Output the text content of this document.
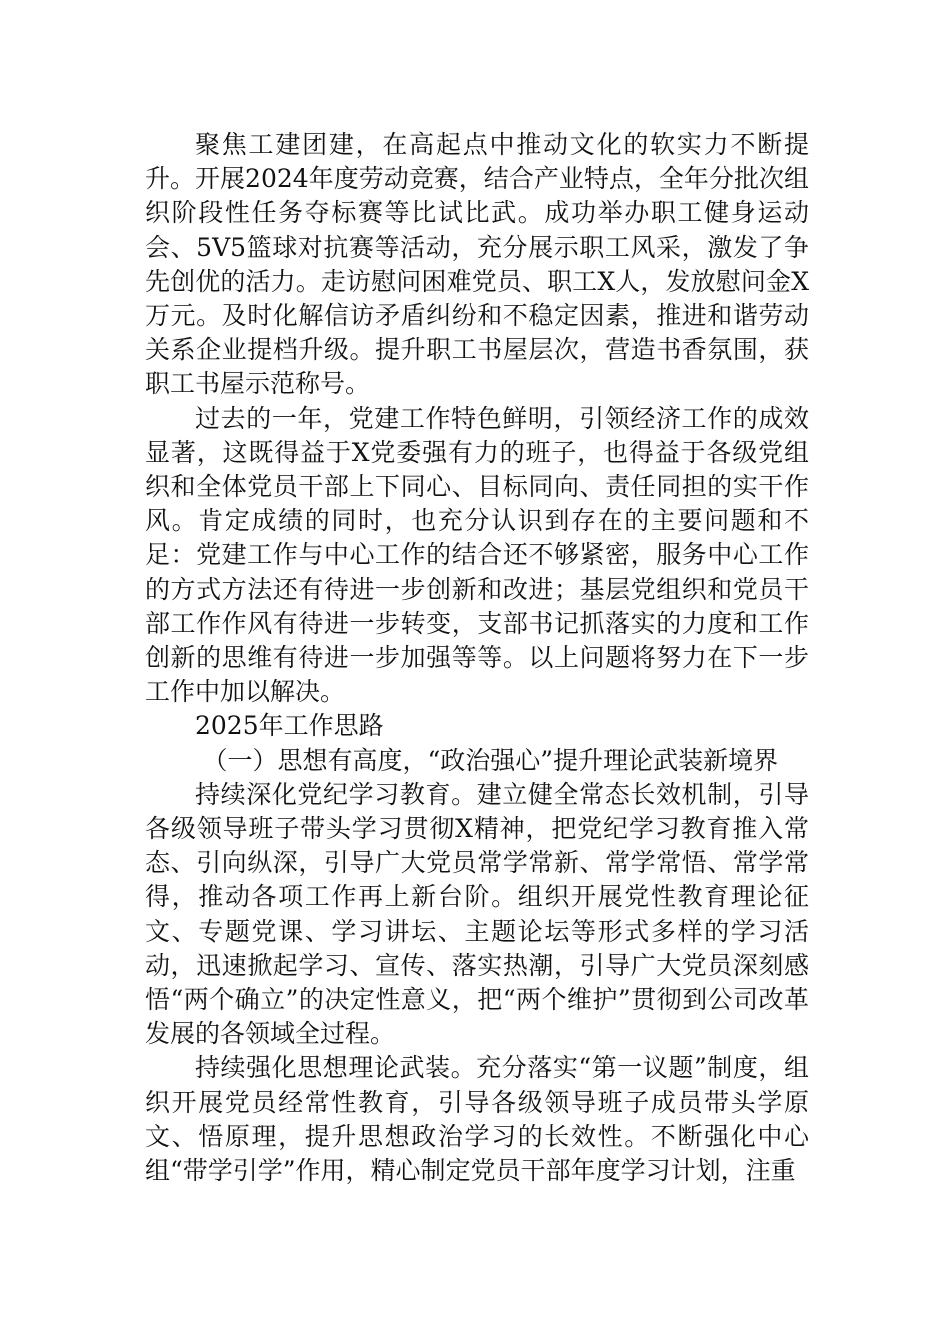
聚焦工建团建，在高起点中推动文化的软实力不断提升。开展2024年度劳动竞赛，结合产业特点，全年分批次组织阶段性任务夺标赛等比试比武。成功举办职工健身运动会、5V5篮球对抗赛等活动，充分展示职工风采，激发了争先创优的活力。走访慰问困难党员、职工X人，发放慰问金X万元。及时化解信访矛盾纠纷和不稳定因素，推进和谐劳动关系企业提档升级。提升职工书屋层次，营造书香氛围，获职工书屋示范称号。

过去的一年，党建工作特色鲜明，引领经济工作的成效显著，这既得益于X党委强有力的班子，也得益于各级党组织和全体党员干部上下同心、目标同向、责任同担的实干作风。肯定成绩的同时，也充分认识到存在的主要问题和不足：党建工作与中心工作的结合还不够紧密，服务中心工作的方式方法还有待进一步创新和改进；基层党组织和党员干部工作作风有待进一步转变，支部书记抓落实的力度和工作创新的思维有待进一步加强等等。以上问题将努力在下一步工作中加以解决。

2025年工作思路

（一）思想有高度，“政治强心”提升理论武装新境界

持续深化党纪学习教育。建立健全常态长效机制，引导各级领导班子带头学习贯彻X精神，把党纪学习教育推入常态、引向纵深，引导广大党员常学常新、常学常悟、常学常得，推动各项工作再上新台阶。组织开展党性教育理论征文、专题党课、学习讲坛、主题论坛等形式多样的学习活动，迅速掀起学习、宣传、落实热潮，引导广大党员深刻感悟“两个确立”的决定性意义，把“两个维护”贯彻到公司改革发展的各领域全过程。

持续强化思想理论武装。充分落实“第一议题”制度，组织开展党员经常性教育，引导各级领导班子成员带头学原文、悟原理，提升思想政治学习的长效性。不断强化中心组“带学引学”作用，精心制定党员干部年度学习计划，注重
